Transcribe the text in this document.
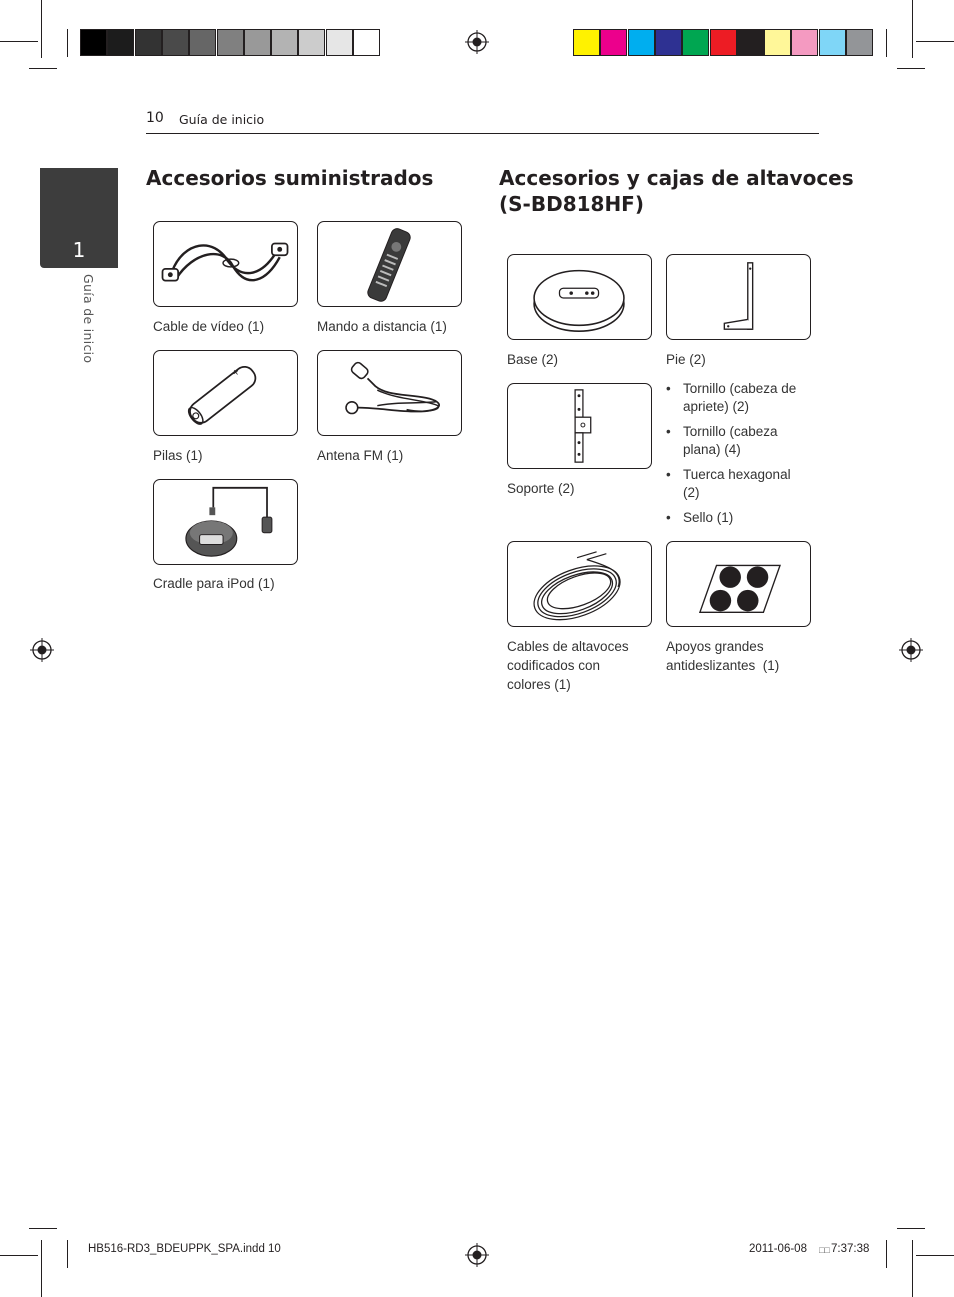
10 Guía de inicio
1
Guía de inicio
Accesorios suministrados
Cable de vídeo (1)	Mando a distancia (1)
+
Pilas (1)	Antena FM (1)
Cradle para iPod (1)
Accesorios y cajas de altavoces
(S-BD818HF)
Base (2)	Pie (2)
Soporte (2)
• Tornillo (cabeza de
apriete) (2)
• Tornillo (cabeza
plana) (4)
• Tuerca hexagonal
(2)
• Sello (1)
Cables de altavoces
codificados con
colores (1)
Apoyos grandes
antideslizantes  (1)
HB516-RD3_BDEUPPK_SPA.indd 10	2011-06-08 □□ 7:37:38
